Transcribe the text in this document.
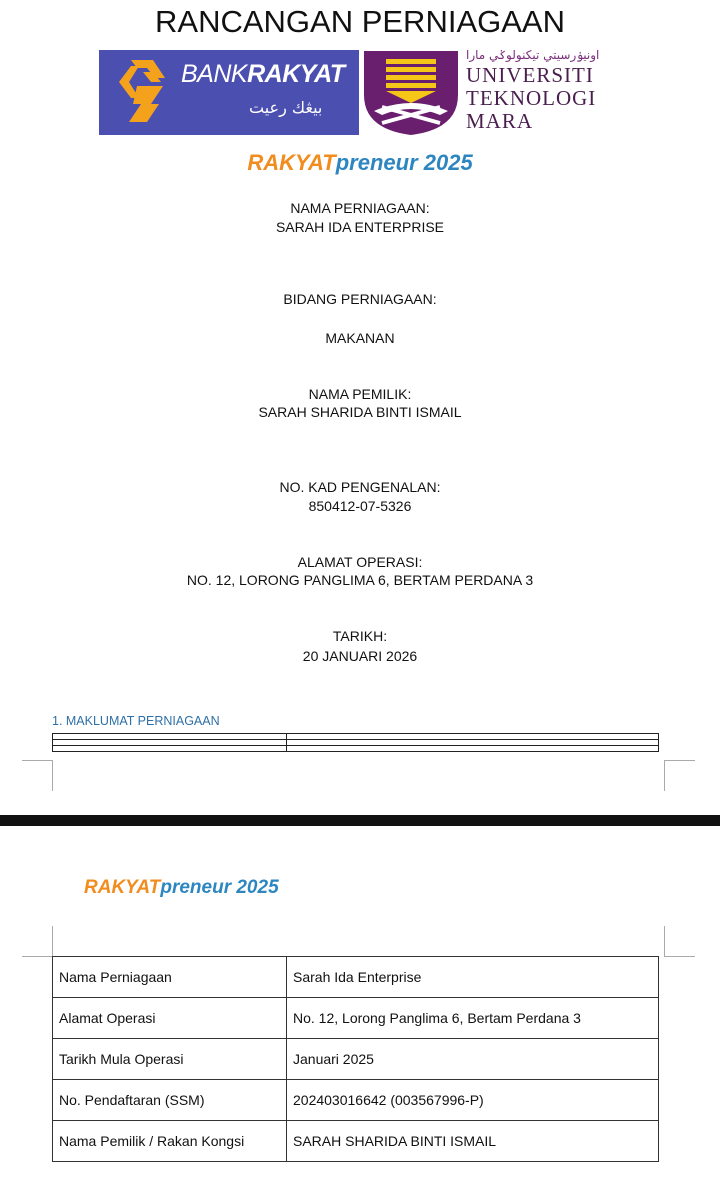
RANCANGAN PERNIAGAAN
BANKRAKYAT
بيڠك رعيت
اونيۏرسيتي تيكنولوݢي مارا
UNIVERSITI
TEKNOLOGI
MARA
RAKYATpreneur 2025
NAMA PERNIAGAAN:
SARAH IDA ENTERPRISE
BIDANG PERNIAGAAN:
MAKANAN
NAMA PEMILIK:
SARAH SHARIDA BINTI ISMAIL
NO. KAD PENGENALAN:
850412-07-5326
ALAMAT OPERASI:
NO. 12, LORONG PANGLIMA 6, BERTAM PERDANA 3
TARIKH:
20 JANUARI 2026
1. MAKLUMAT PERNIAGAAN

RAKYATpreneur 2025
Nama Perniagaan	Sarah Ida Enterprise
Alamat Operasi	No. 12, Lorong Panglima 6, Bertam Perdana 3
Tarikh Mula Operasi	Januari 2025
No. Pendaftaran (SSM)	202403016642 (003567996-P)
Nama Pemilik / Rakan Kongsi	SARAH SHARIDA BINTI ISMAIL
